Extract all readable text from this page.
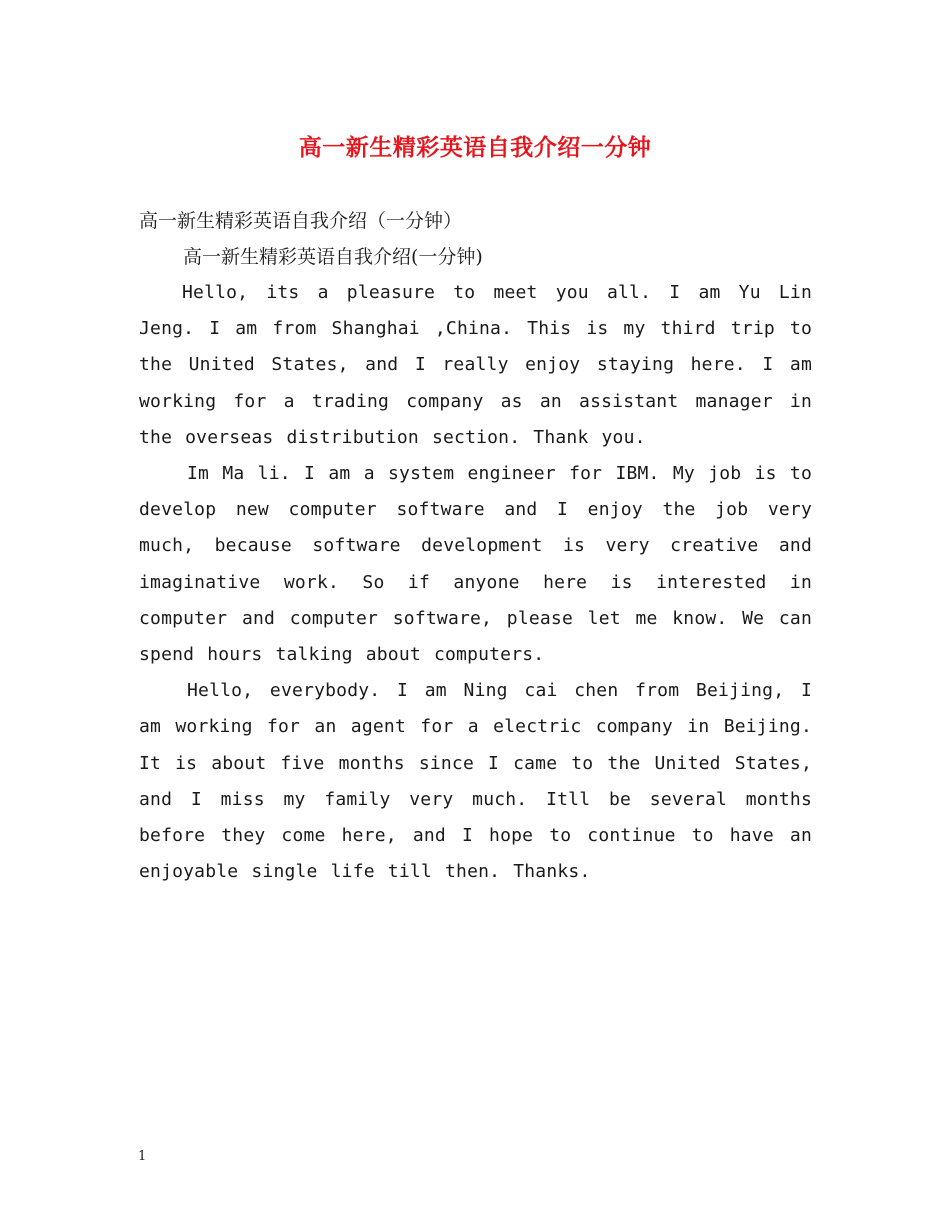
高一新生精彩英语自我介绍一分钟

高一新生精彩英语自我介绍（一分钟）

高一新生精彩英语自我介绍(一分钟)

Hello, its a pleasure to meet you all. I am Yu Lin Jeng. I am from Shanghai ,China. This is my third trip to the United States, and I really enjoy staying here. I am working for a trading company as an assistant manager in the overseas distribution section. Thank you.

Im Ma li. I am a system engineer for IBM. My job is to develop new computer software and I enjoy the job very much, because software development is very creative and imaginative work. So if anyone here is interested in computer and computer software, please let me know. We can spend hours talking about computers.

Hello, everybody. I am Ning cai chen from Beijing, I am working for an agent for a electric company in Beijing. It is about five months since I came to the United States, and I miss my family very much. Itll be several months before they come here, and I hope to continue to have an enjoyable single life till then. Thanks.

1
